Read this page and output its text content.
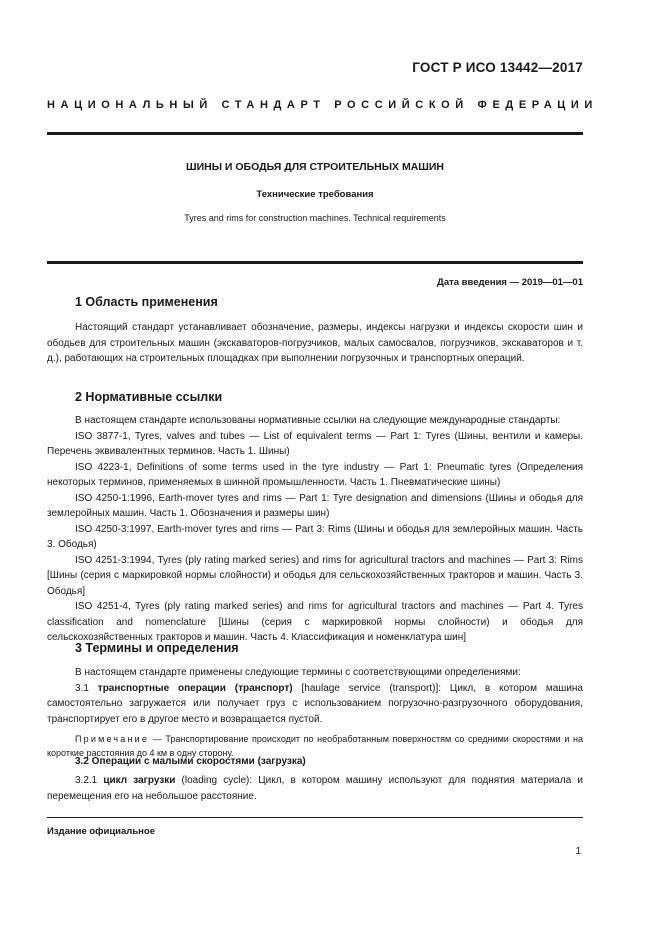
ГОСТ Р ИСО 13442—2017
НАЦИОНАЛЬНЫЙ СТАНДАРТ РОССИЙСКОЙ ФЕДЕРАЦИИ
ШИНЫ И ОБОДЬЯ ДЛЯ СТРОИТЕЛЬНЫХ МАШИН
Технические требования
Tyres and rims for construction machines. Technical requirements
Дата введения — 2019—01—01
1 Область применения

Настоящий стандарт устанавливает обозначение, размеры, индексы нагрузки и индексы скорости шин и ободьев для строительных машин (экскаваторов-погрузчиков, малых самосвалов, погрузчиков, экскаваторов и т. д.), работающих на строительных площадках при выполнении погрузочных и транспортных операций.

2 Нормативные ссылки

В настоящем стандарте использованы нормативные ссылки на следующие международные стандарты:

ISO 3877-1, Tyres, valves and tubes — List of equivalent terms — Part 1: Tyres (Шины, вентили и камеры. Перечень эквивалентных терминов. Часть 1. Шины)

ISO 4223-1, Definitions of some terms used in the tyre industry — Part 1: Pneumatic tyres (Определения некоторых терминов, применяемых в шинной промышленности. Часть 1. Пневматические шины)

ISO 4250-1:1996, Earth-mover tyres and rims — Part 1: Tyre designation and dimensions (Шины и ободья для землеройных машин. Часть 1. Обозначения и размеры шин)

ISO 4250-3:1997, Earth-mover tyres and rims — Part 3: Rims (Шины и ободья для землеройных машин. Часть 3. Ободья)

ISO 4251-3:1994, Tyres (ply rating marked series) and rims for agricultural tractors and machines — Part 3: Rims [Шины (серия с маркировкой нормы слойности) и ободья для сельскохозяйственных тракторов и машин. Часть 3. Ободья]

ISO 4251-4, Tyres (ply rating marked series) and rims for agricultural tractors and machines — Part 4. Tyres classification and nomenclature [Шины (серия с маркировкой нормы слойности) и ободья для сельскохозяйственных тракторов и машин. Часть 4. Классификация и номенклатура шин]

3 Термины и определения

В настоящем стандарте применены следующие термины с соответствующими определениями:

3.1 транспортные операции (транспорт) [haulage service (transport)]: Цикл, в котором машина самостоятельно загружается или получает груз с использованием погрузочно-разгрузочного оборудования, транспортирует его в другое место и возвращается пустой.

Примечание — Транспортирование происходит по необработанным поверхностям со средними скоростями и на короткие расстояния до 4 км в одну сторону.

3.2 Операции с малыми скоростями (загрузка)

3.2.1 цикл загрузки (loading cycle): Цикл, в котором машину используют для поднятия материала и перемещения его на небольшое расстояние.

Издание официальное
1
